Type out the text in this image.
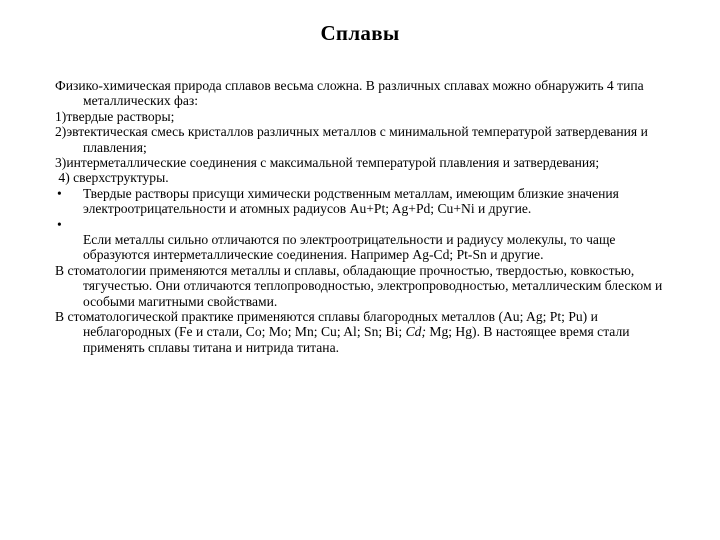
Сплавы

Физико-химическая природа сплавов весьма сложна. В различных сплавах можно обнаружить 4 типа металлических фаз:

1)твердые растворы;

2)эвтектическая смесь кристаллов различных металлов с минимальной температурой затвердевания и плавления;

3)интерметаллические соединения с максимальной температурой плавления и затвердевания;

4) сверхструктуры.

• Твердые растворы присущи химически родственным металлам, имеющим близкие значения электроотрицательности и атомных радиусов Au+Pt; Ag+Pd; Cu+Ni и другие.
•
Если металлы сильно отличаются по электроотрицательности и радиусу молекулы, то чаще образуются интерметаллические соединения. Например Ag-Cd; Pt-Sn и другие.

В стоматологии применяются металлы и сплавы, обладающие прочностью, твердостью, ковкостью, тягучестью. Они отличаются теплопроводностью, электропроводностью, металлическим блеском и особыми магитными свойствами.

В стоматологической практике применяются сплавы благородных металлов (Au; Ag; Pt; Pu) и неблагородных (Fe и стали, Co; Mo; Mn; Cu; Al; Sn; Bi; Cd; Mg; Hg). В настоящее время стали применять сплавы титана и нитрида титана.
